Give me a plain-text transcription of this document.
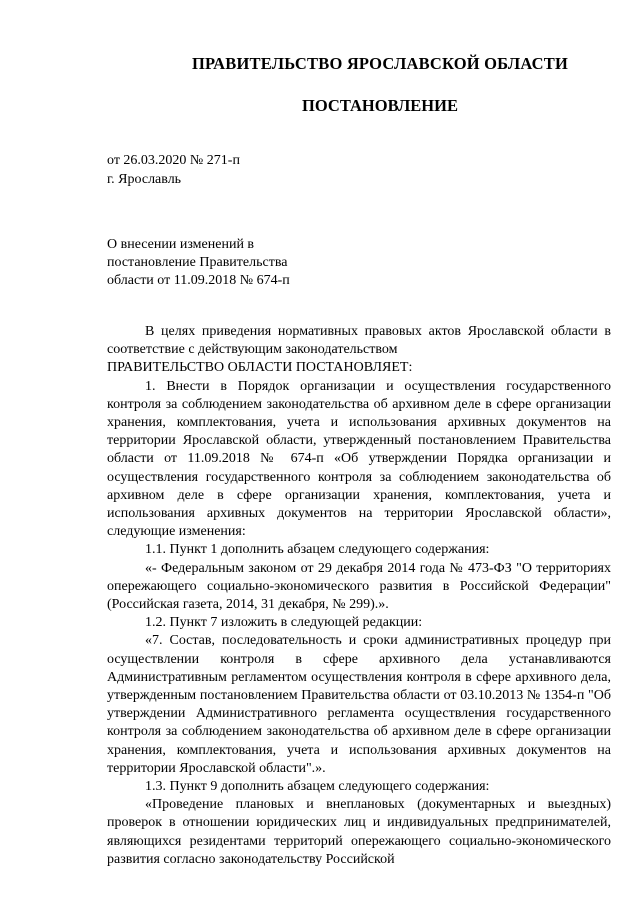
ПРАВИТЕЛЬСТВО ЯРОСЛАВСКОЙ ОБЛАСТИ
ПОСТАНОВЛЕНИЕ
от 26.03.2020 № 271-п
г. Ярославль
О внесении изменений в
постановление Правительства
области от 11.09.2018 № 674-п

В целях приведения нормативных правовых актов Ярославской области в соответствие с действующим законодательством

ПРАВИТЕЛЬСТВО ОБЛАСТИ ПОСТАНОВЛЯЕТ:

1. Внести в Порядок организации и осуществления государственного контроля за соблюдением законодательства об архивном деле в сфере организации хранения, комплектования, учета и использования архивных документов на территории Ярославской области, утвержденный постановлением Правительства области от 11.09.2018 № 674-п «Об утверждении Порядка организации и осуществления государственного контроля за соблюдением законодательства об архивном деле в сфере организации хранения, комплектования, учета и использования архивных документов на территории Ярославской области», следующие изменения:

1.1. Пункт 1 дополнить абзацем следующего содержания:

«- Федеральным законом от 29 декабря 2014 года № 473-ФЗ "О территориях опережающего социально-экономического развития в Российской Федерации" (Российская газета, 2014, 31 декабря, № 299).».

1.2. Пункт 7 изложить в следующей редакции:

«7. Состав, последовательность и сроки административных процедур при осуществлении контроля в сфере архивного дела устанавливаются Административным регламентом осуществления контроля в сфере архивного дела, утвержденным постановлением Правительства области от 03.10.2013 № 1354-п "Об утверждении Административного регламента осуществления государственного контроля за соблюдением законодательства об архивном деле в сфере организации хранения, комплектования, учета и использования архивных документов на территории Ярославской области".».

1.3. Пункт 9 дополнить абзацем следующего содержания:

«Проведение плановых и внеплановых (документарных и выездных) проверок в отношении юридических лиц и индивидуальных предпринимателей, являющихся резидентами территорий опережающего социально-экономического развития согласно законодательству Российской
